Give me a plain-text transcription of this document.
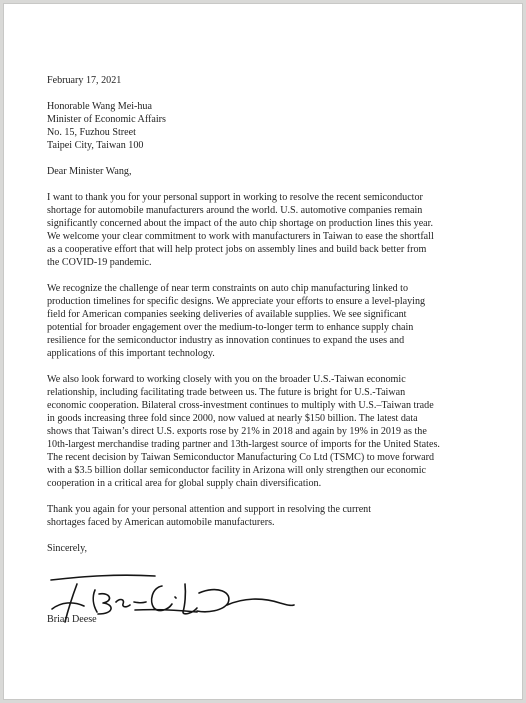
February 17, 2021
Honorable Wang Mei-hua
Minister of Economic Affairs
No. 15, Fuzhou Street
Taipei City, Taiwan 100
Dear Minister Wang,
I want to thank you for your personal support in working to resolve the recent semiconductor
shortage for automobile manufacturers around the world. U.S. automotive companies remain
significantly concerned about the impact of the auto chip shortage on production lines this year.
We welcome your clear commitment to work with manufacturers in Taiwan to ease the shortfall
as a cooperative effort that will help protect jobs on assembly lines and build back better from
the COVID-19 pandemic.
We recognize the challenge of near term constraints on auto chip manufacturing linked to
production timelines for specific designs. We appreciate your efforts to ensure a level-playing
field for American companies seeking deliveries of available supplies. We see significant
potential for broader engagement over the medium-to-longer term to enhance supply chain
resilience for the semiconductor industry as innovation continues to expand the uses and
applications of this important technology.
We also look forward to working closely with you on the broader U.S.-Taiwan economic
relationship, including facilitating trade between us. The future is bright for U.S.-Taiwan
economic cooperation. Bilateral cross-investment continues to multiply with U.S.–Taiwan trade
in goods increasing three fold since 2000, now valued at nearly $150 billion. The latest data
shows that Taiwan’s direct U.S. exports rose by 21% in 2018 and again by 19% in 2019 as the
10th-largest merchandise trading partner and 13th-largest source of imports for the United States.
The recent decision by Taiwan Semiconductor Manufacturing Co Ltd (TSMC) to move forward
with a $3.5 billion dollar semiconductor facility in Arizona will only strengthen our economic
cooperation in a critical area for global supply chain diversification.
Thank you again for your personal attention and support in resolving the current
shortages faced by American automobile manufacturers.
Sincerely,
Brian Deese
